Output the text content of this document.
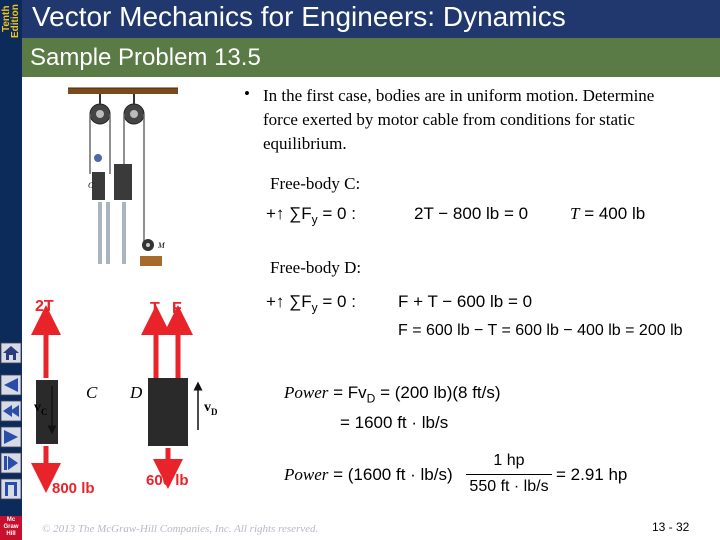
Tenth
Edition
Mc
Graw
Hill
Vector Mechanics for Engineers: Dynamics
Sample Problem 13.5
C
M
2T	T F
C D
$v_C$	$v_D$
800 lb	600 lb
• In the first case, bodies are in uniform motion. Determine force exerted by motor cable from conditions for static equilibrium.
Free-body C:
+↑ $\sum F_y = 0$ :	2T − 800 lb = 0 T = 400 lb
Free-body D:
+↑ $\sum F_y = 0$ : F + T − 600 lb = 0
F = 600 lb − T = 600 lb − 400 lb = 200 lb
Power = $Fv_D = (200$ lb)(8 ft/s)
= 1600 ft · lb/s
Power = (1600 ft · lb/s)
1 hp
550 ft · lb/s
= 2.91 hp
© 2013 The McGraw-Hill Companies, Inc. All rights reserved.	13 - 32
